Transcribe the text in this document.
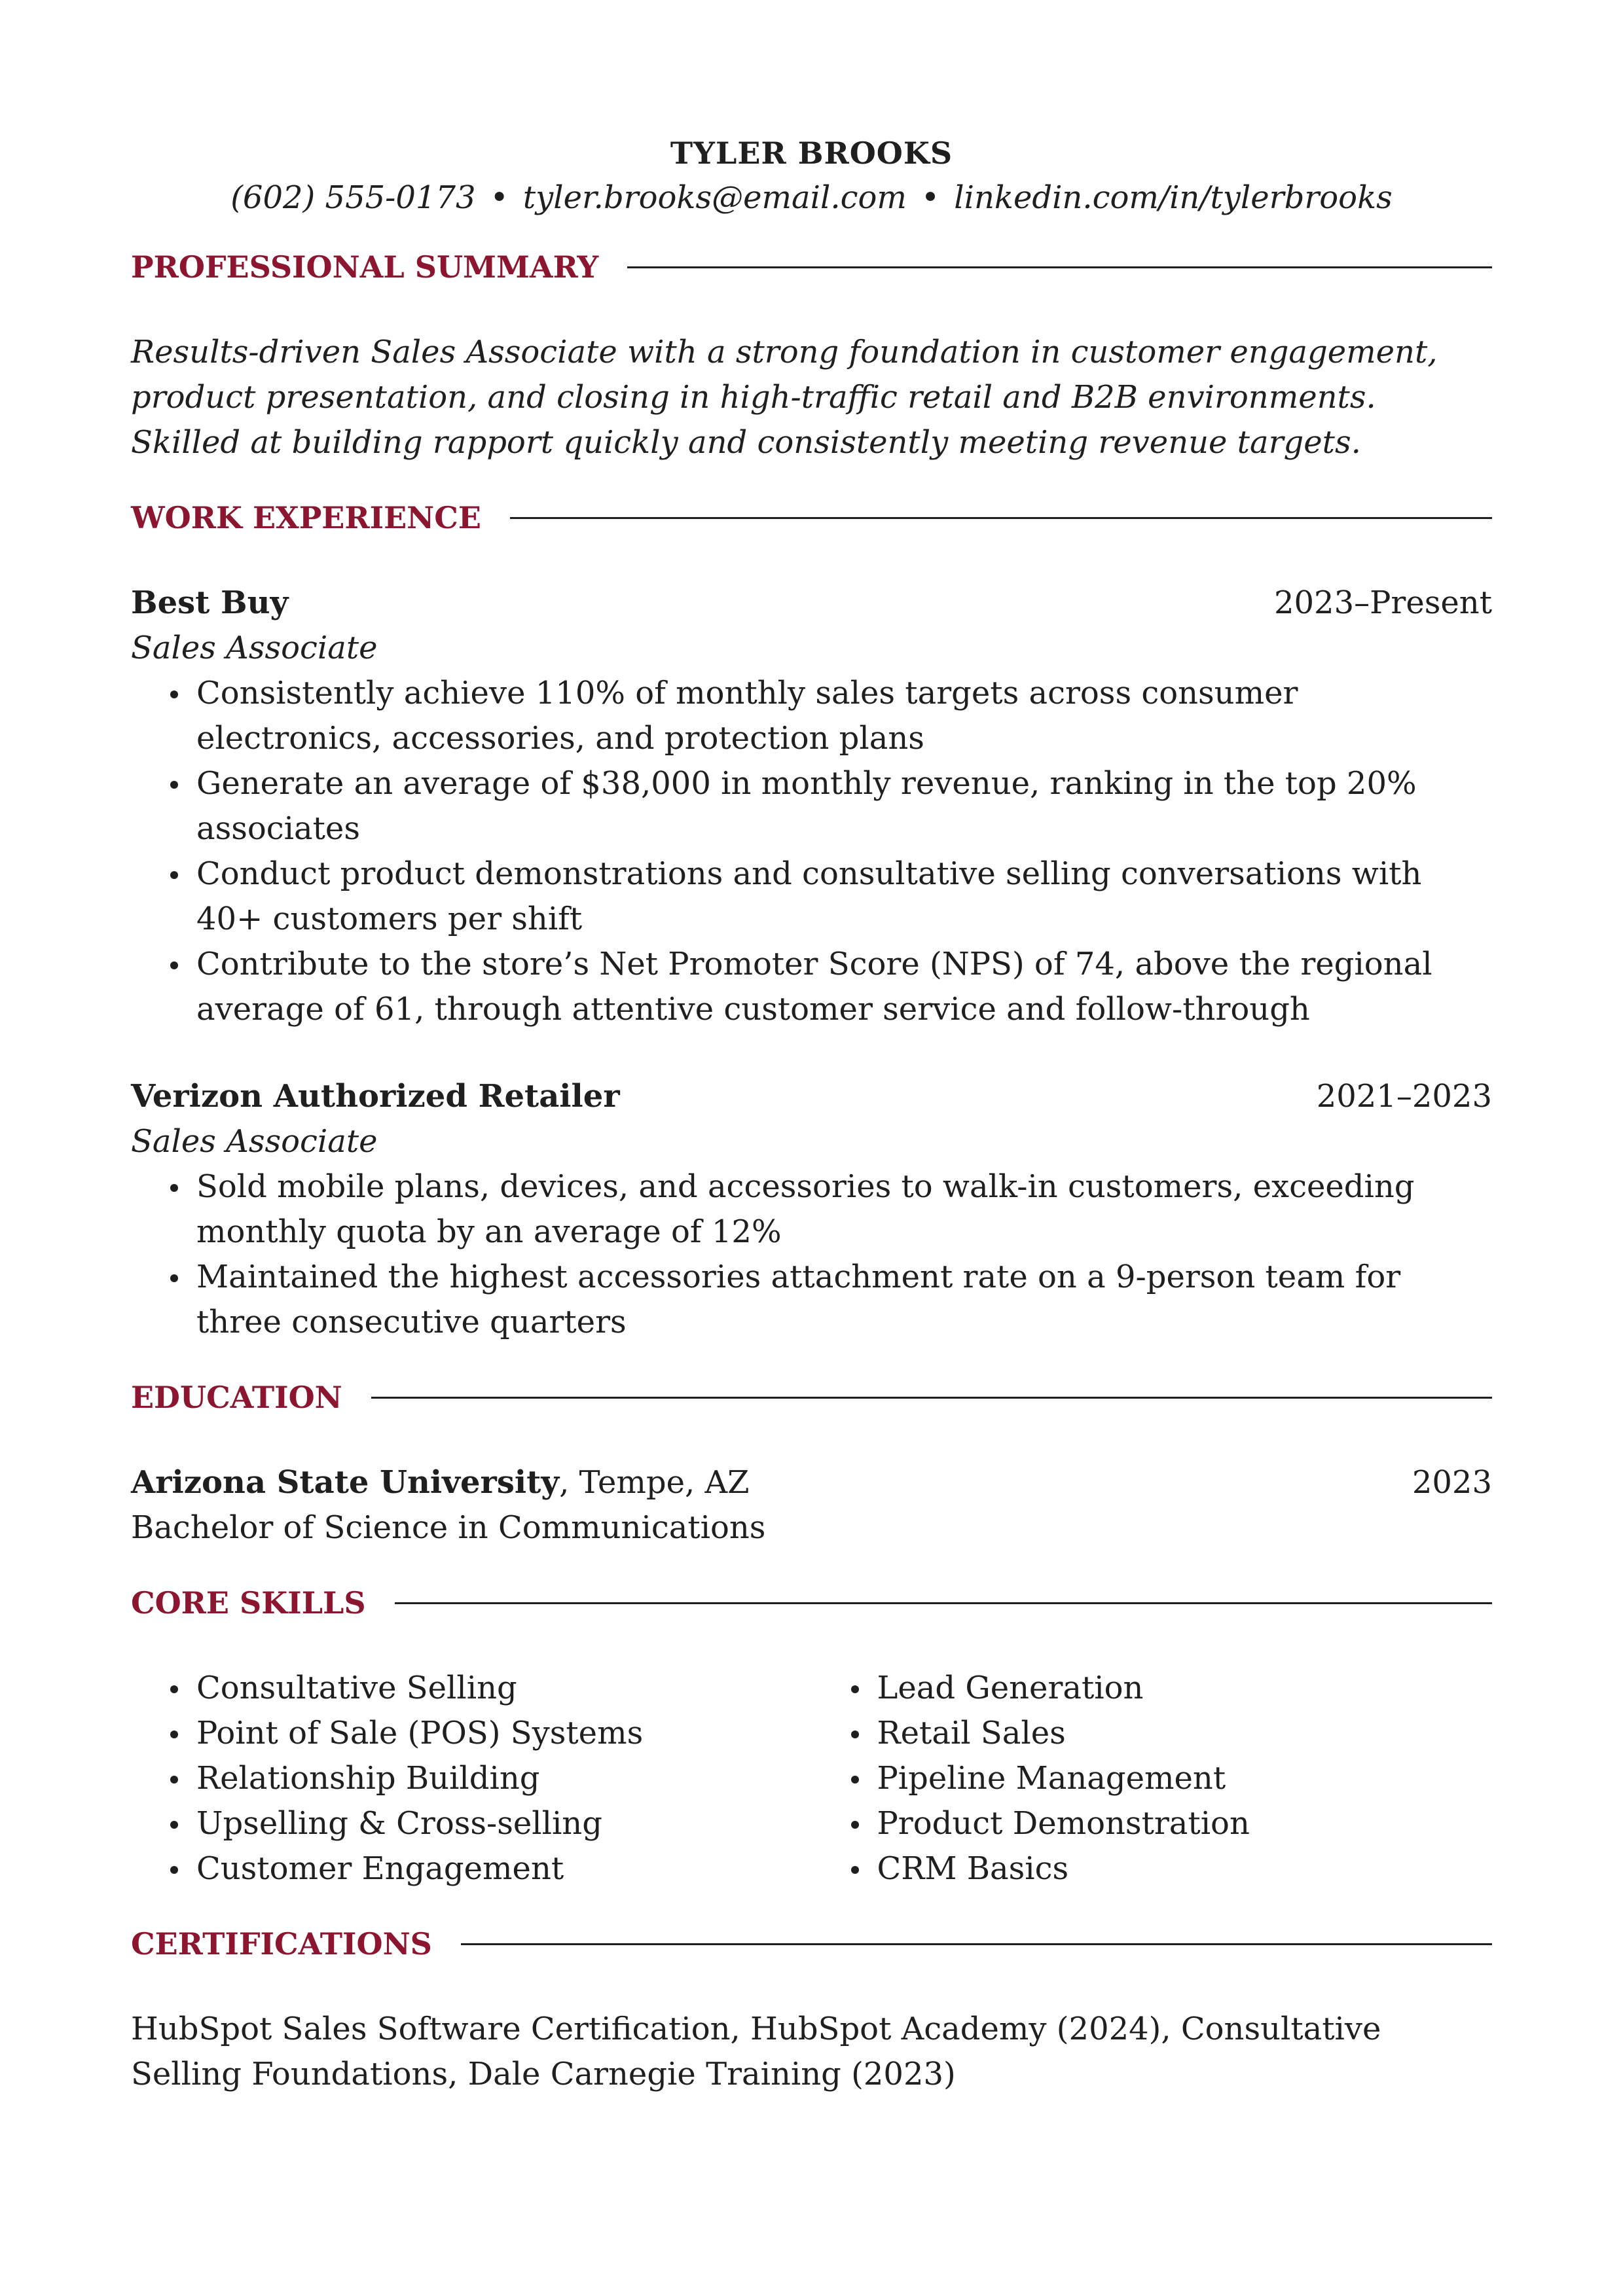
TYLER BROOKS
(602) 555-0173 • tyler.brooks@email.com • linkedin.com/in/tylerbrooks
PROFESSIONAL SUMMARY
Results-driven Sales Associate with a strong foundation in customer engagement, product presentation, and closing in high-traffic retail and B2B environments. Skilled at building rapport quickly and consistently meeting revenue targets.
WORK EXPERIENCE
Best Buy	2023–Present
Sales Associate
Consistently achieve 110% of monthly sales targets across consumer electronics, accessories, and protection plans
Generate an average of $38,000 in monthly revenue, ranking in the top 20% associates
Conduct product demonstrations and consultative selling conversations with 40+ customers per shift
Contribute to the store’s Net Promoter Score (NPS) of 74, above the regional average of 61, through attentive customer service and follow-through
Verizon Authorized Retailer	2021–2023
Sales Associate
Sold mobile plans, devices, and accessories to walk-in customers, exceeding monthly quota by an average of 12%
Maintained the highest accessories attachment rate on a 9-person team for three consecutive quarters
EDUCATION
Arizona State University, Tempe, AZ	2023
Bachelor of Science in Communications
CORE SKILLS
Consultative Selling
Point of Sale (POS) Systems
Relationship Building
Upselling & Cross-selling
Customer Engagement
Lead Generation
Retail Sales
Pipeline Management
Product Demonstration
CRM Basics
CERTIFICATIONS
HubSpot Sales Software Certification, HubSpot Academy (2024), Consultative Selling Foundations, Dale Carnegie Training (2023)
